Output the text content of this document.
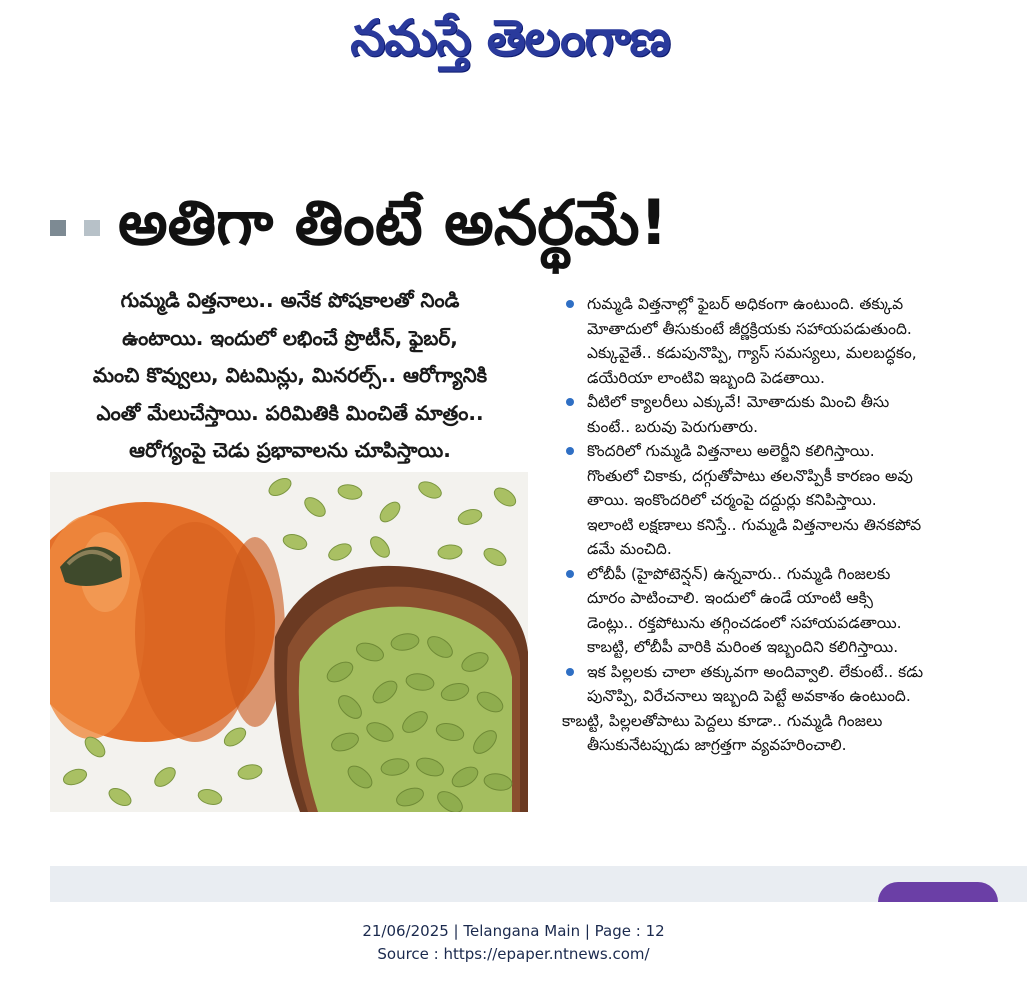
నమస్తే తెలంగాణ
అతిగా తింటే అనర్థమే!
గుమ్మడి విత్తనాలు.. అనేక పోషకాలతో నిండి
ఉంటాయి. ఇందులో లభించే ప్రొటీన్, ఫైబర్,
మంచి కొవ్వులు, విటమిన్లు, మినరల్స్.. ఆరోగ్యానికి
ఎంతో మేలుచేస్తాయి. పరిమితికి మించితే మాత్రం..
ఆరోగ్యంపై చెడు ప్రభావాలను చూపిస్తాయి.
గుమ్మడి విత్తనాల్లో ఫైబర్ అధికంగా ఉంటుంది. తక్కువ
మోతాదులో తీసుకుంటే జీర్ణక్రియకు సహాయపడుతుంది.
ఎక్కువైతే.. కడుపునొప్పి, గ్యాస్ సమస్యలు, మలబద్ధకం,
డయేరియా లాంటివి ఇబ్బంది పెడతాయి.
వీటిలో క్యాలరీలు ఎక్కువే! మోతాదుకు మించి తీసు
కుంటే.. బరువు పెరుగుతారు.
కొందరిలో గుమ్మడి విత్తనాలు అలెర్జీని కలిగిస్తాయి.
గొంతులో చికాకు, దగ్గుతోపాటు తలనొప్పికీ కారణం అవు
తాయి. ఇంకొందరిలో చర్మంపై దద్దుర్లు కనిపిస్తాయి.
ఇలాంటి లక్షణాలు కనిస్తే.. గుమ్మడి విత్తనాలను తినకపోవ
డమే మంచిది.
లోబీపీ (హైపోటెన్షన్) ఉన్నవారు.. గుమ్మడి గింజలకు
దూరం పాటించాలి. ఇందులో ఉండే యాంటి ఆక్సి
డెంట్లు.. రక్తపోటును తగ్గించడంలో సహాయపడతాయి.
కాబట్టి, లోబీపీ వారికి మరింత ఇబ్బందిని కలిగిస్తాయి.
ఇక పిల్లలకు చాలా తక్కువగా అందివ్వాలి. లేకుంటే.. కడు
పునొప్పి, విరేచనాలు ఇబ్బంది పెట్టే అవకాశం ఉంటుంది.
కాబట్టి, పిల్లలతోపాటు పెద్దలు కూడా.. గుమ్మడి గింజలు
తీసుకునేటప్పుడు జాగ్రత్తగా వ్యవహరించాలి.
21/06/2025 | Telangana Main | Page : 12
Source : https://epaper.ntnews.com/
